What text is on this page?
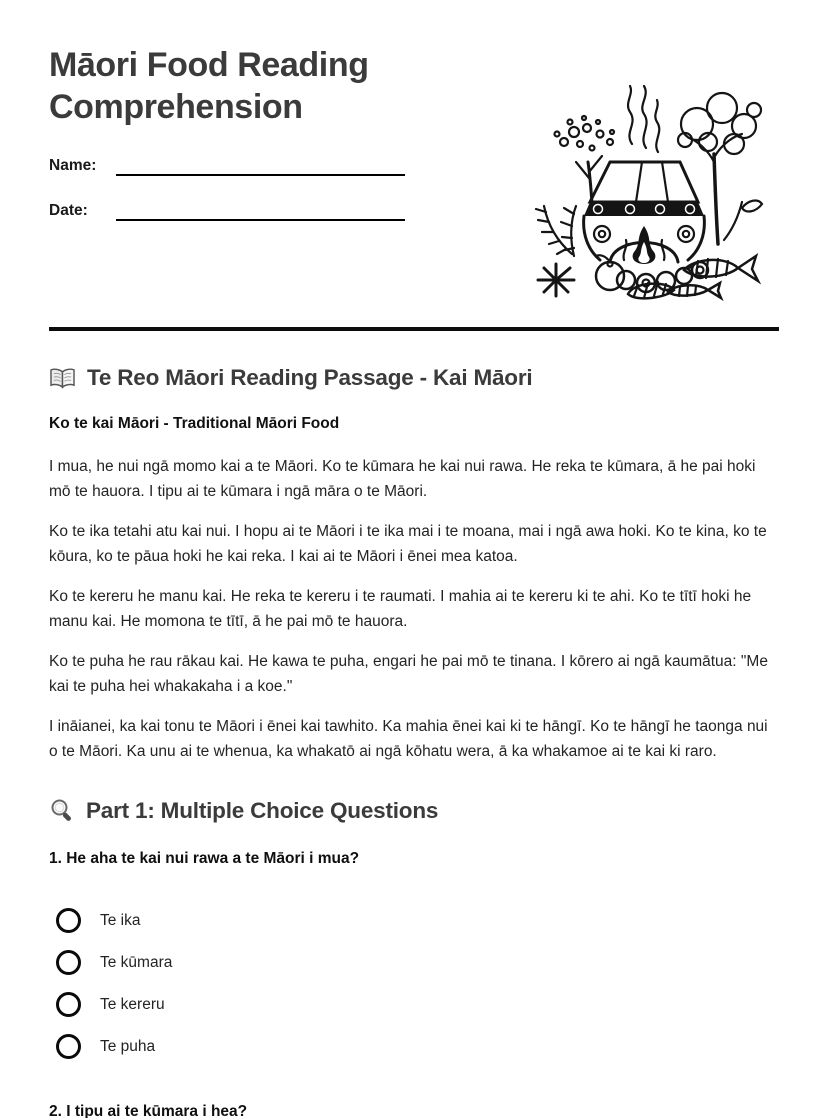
Māori Food Reading Comprehension
Name:
Date:
Te Reo Māori Reading Passage - Kai Māori

Ko te kai Māori - Traditional Māori Food

I mua, he nui ngā momo kai a te Māori. Ko te kūmara he kai nui rawa. He reka te kūmara, ā he pai hoki mō te hauora. I tipu ai te kūmara i ngā māra o te Māori.

Ko te ika tetahi atu kai nui. I hopu ai te Māori i te ika mai i te moana, mai i ngā awa hoki. Ko te kina, ko te kōura, ko te pāua hoki he kai reka. I kai ai te Māori i ēnei mea katoa.

Ko te kereru he manu kai. He reka te kereru i te raumati. I mahia ai te kereru ki te ahi. Ko te tītī hoki he manu kai. He momona te tītī, ā he pai mō te hauora.

Ko te puha he rau rākau kai. He kawa te puha, engari he pai mō te tinana. I kōrero ai ngā kaumātua: "Me kai te puha hei whakakaha i a koe."

I ināianei, ka kai tonu te Māori i ēnei kai tawhito. Ka mahia ēnei kai ki te hāngī. Ko te hāngī he taonga nui o te Māori. Ka unu ai te whenua, ka whakatō ai ngā kōhatu wera, ā ka whakamoe ai te kai ki raro.

Part 1: Multiple Choice Questions

1. He aha te kai nui rawa a te Māori i mua?

Te ika
Te kūmara
Te kereru
Te puha

2. I tipu ai te kūmara i hea?
